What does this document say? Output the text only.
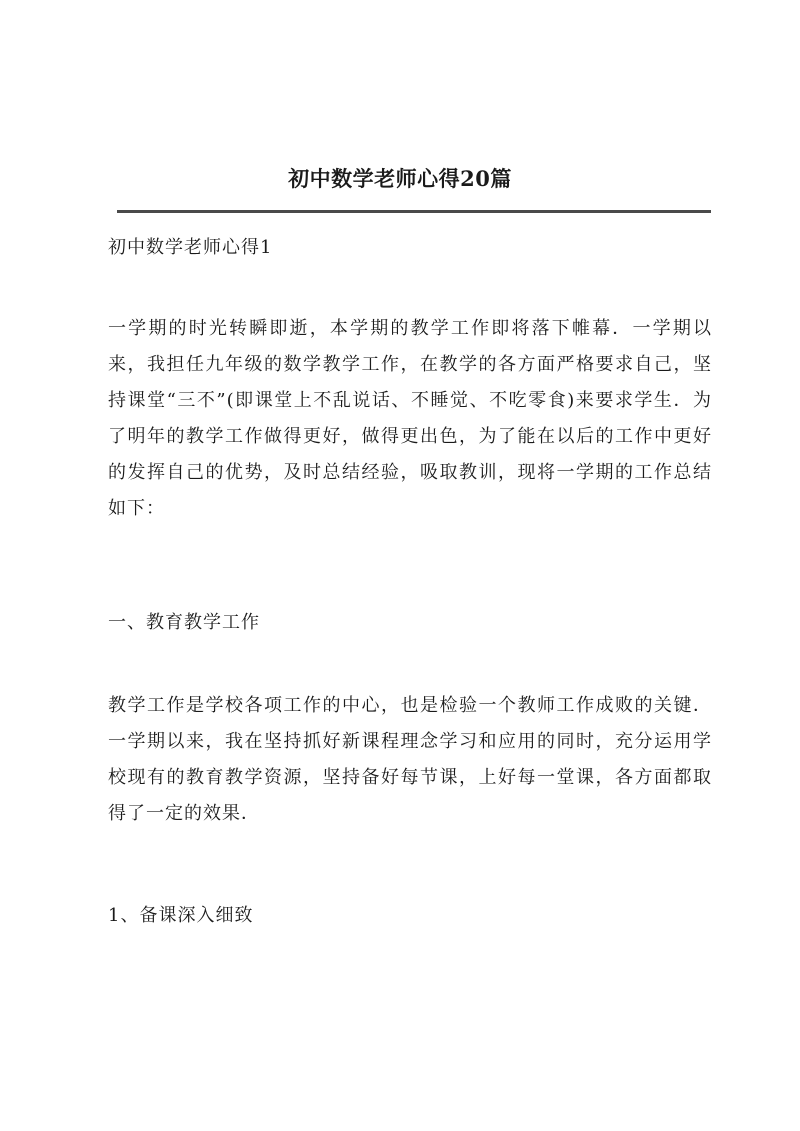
初中数学老师心得20篇
初中数学老师心得1
一学期的时光转瞬即逝，本学期的教学工作即将落下帷幕．一学期以来，我担任九年级的数学教学工作，在教学的各方面严格要求自己，坚持课堂“三不”(即课堂上不乱说话、不睡觉、不吃零食)来要求学生．为了明年的教学工作做得更好，做得更出色，为了能在以后的工作中更好的发挥自己的优势，及时总结经验，吸取教训，现将一学期的工作总结如下：
一、教育教学工作
教学工作是学校各项工作的中心，也是检验一个教师工作成败的关键．一学期以来，我在坚持抓好新课程理念学习和应用的同时，充分运用学校现有的教育教学资源，坚持备好每节课，上好每一堂课，各方面都取得了一定的效果．
1、备课深入细致
